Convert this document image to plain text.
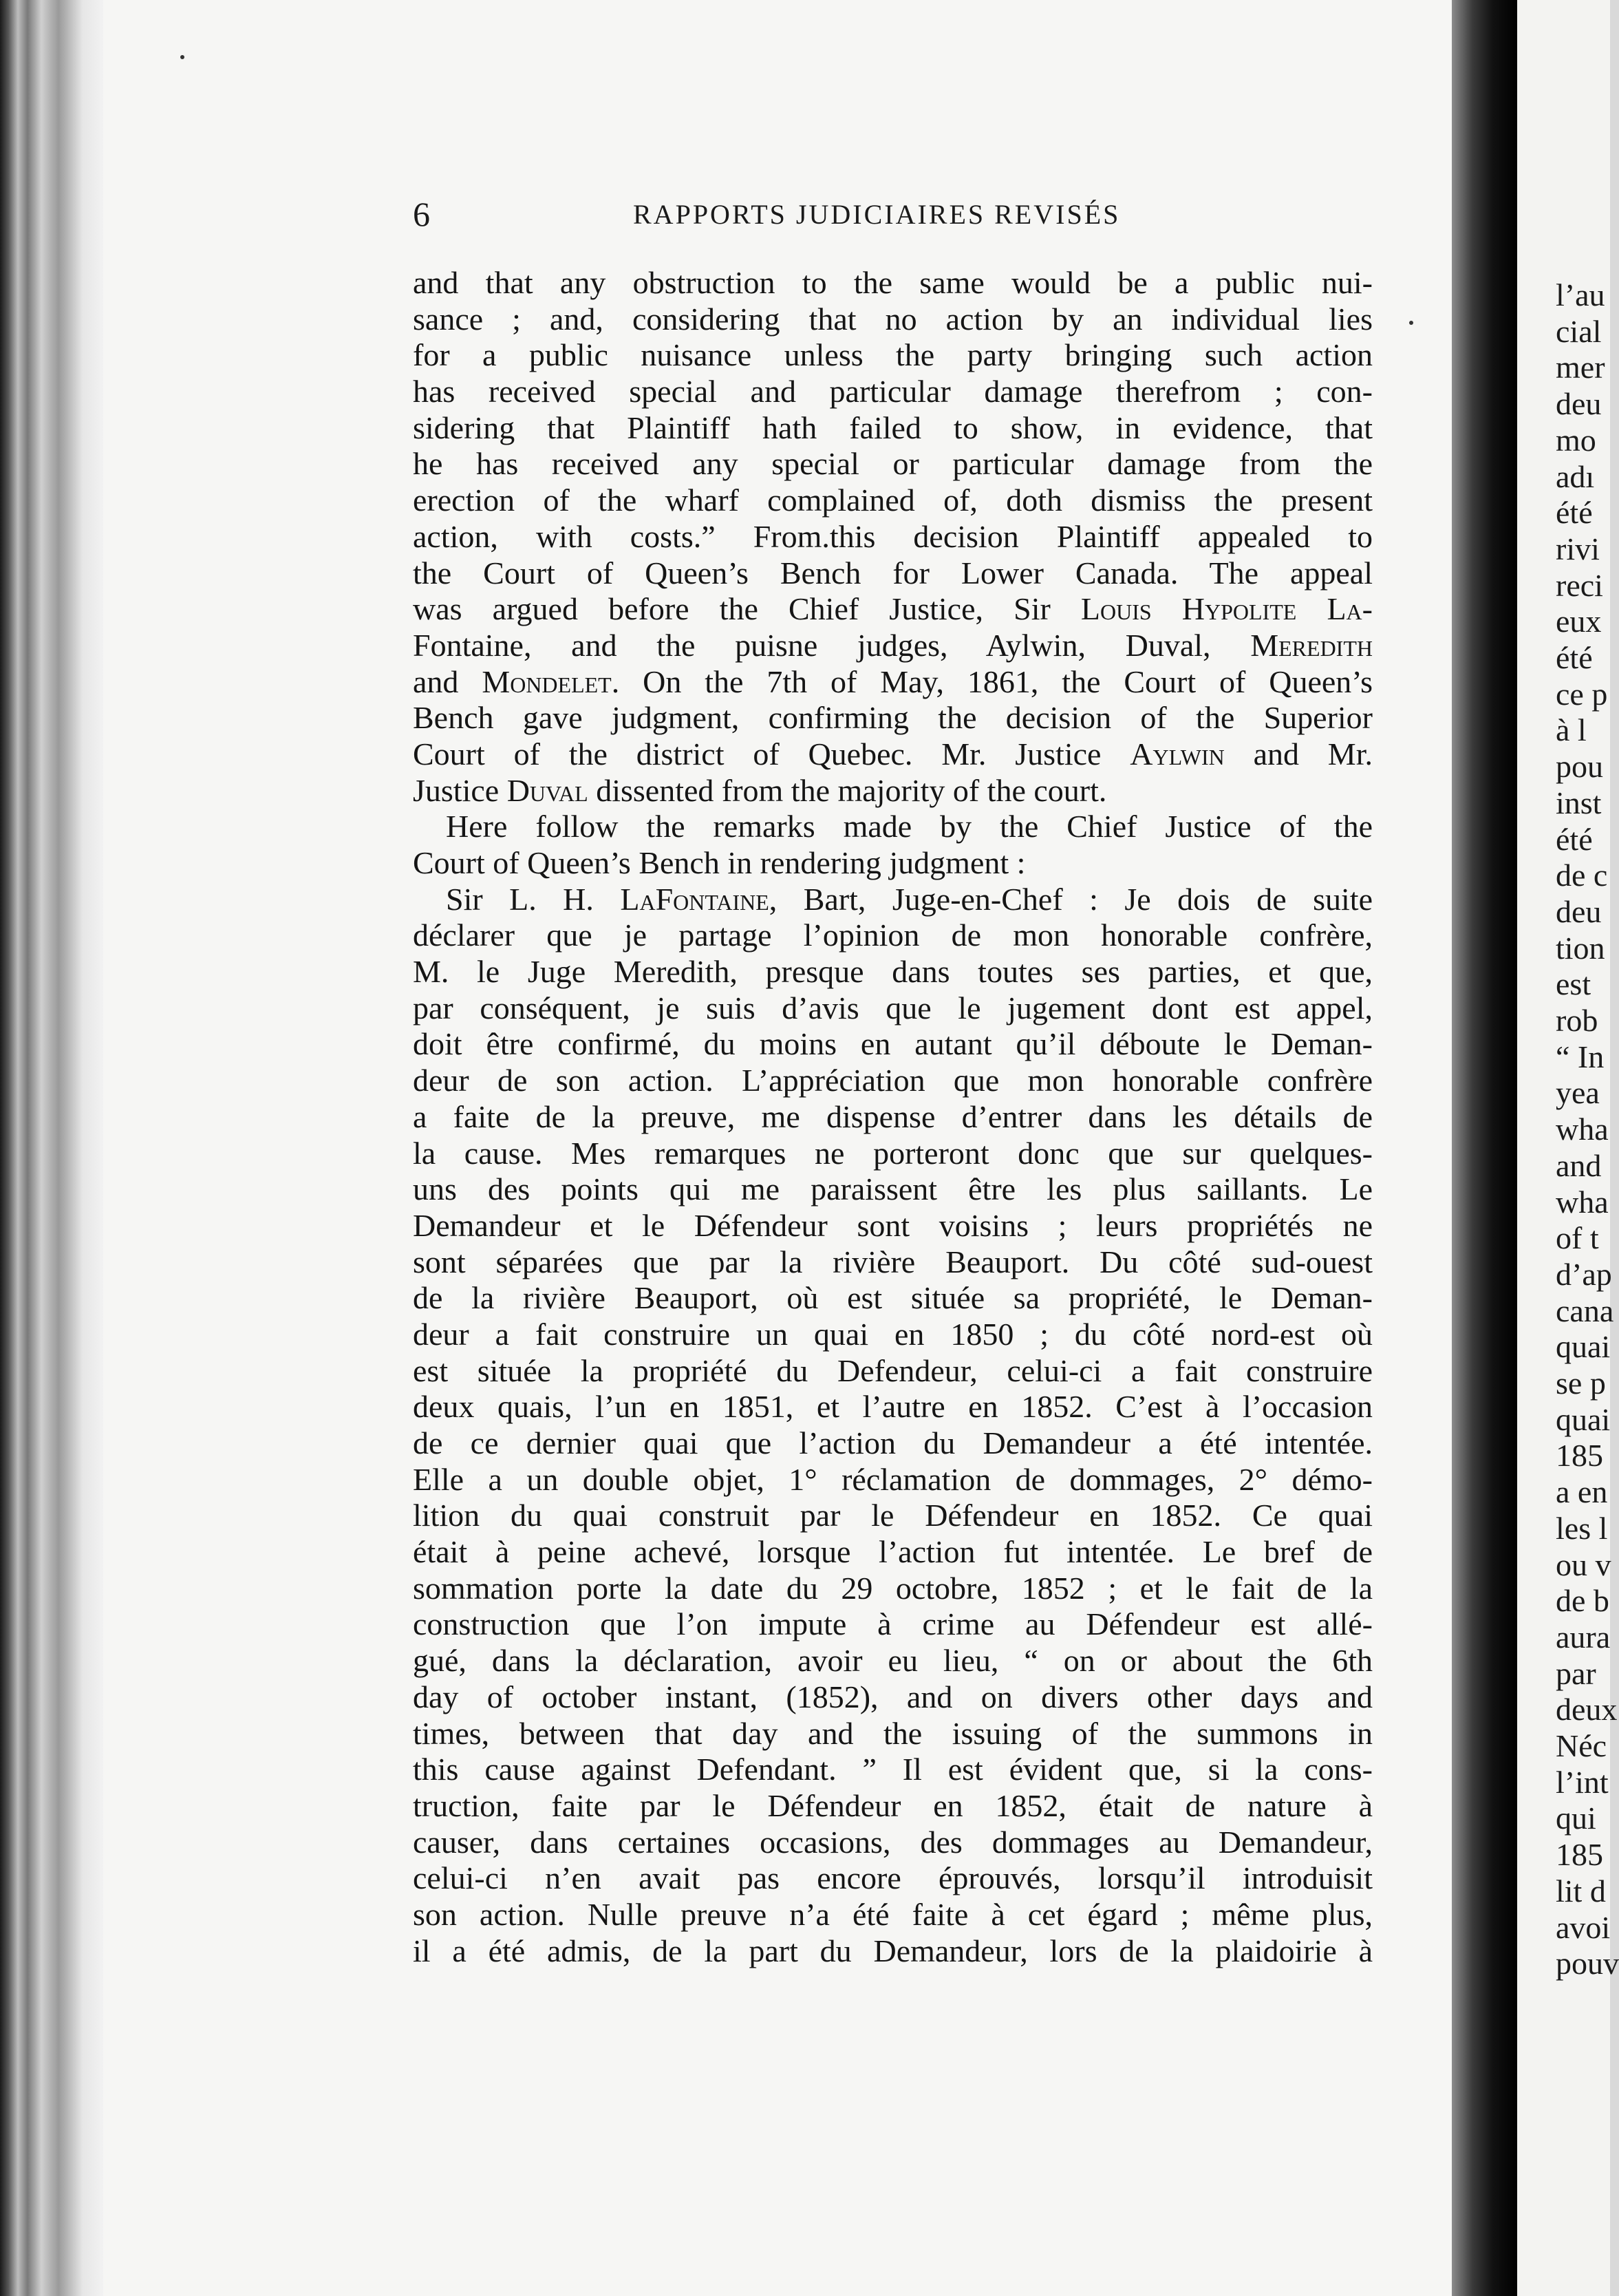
6	RAPPORTS JUDICIAIRES REVISÉS
and that any obstruction to the same would be a public nui-
sance ; and, considering that no action by an individual lies
for a public nuisance unless the party bringing such action
has received special and particular damage therefrom ; con-
sidering that Plaintiff hath failed to show, in evidence, that
he has received any special or particular damage from the
erection of the wharf complained of, doth dismiss the present
action, with costs.” From.this decision Plaintiff appealed to
the Court of Queen’s Bench for Lower Canada. The appeal
was argued before the Chief Justice, Sir Louis Hypolite La-
Fontaine, and the puisne judges, Aylwin, Duval, Meredith
and Mondelet. On the 7th of May, 1861, the Court of Queen’s
Bench gave judgment, confirming the decision of the Superior
Court of the district of Quebec. Mr. Justice Aylwin and Mr.
Justice Duval dissented from the majority of the court.
Here follow the remarks made by the Chief Justice of the
Court of Queen’s Bench in rendering judgment :
Sir L. H. LaFontaine, Bart, Juge-en-Chef : Je dois de suite
déclarer que je partage l’opinion de mon honorable confrère,
M. le Juge Meredith, presque dans toutes ses parties, et que,
par conséquent, je suis d’avis que le jugement dont est appel,
doit être confirmé, du moins en autant qu’il déboute le Deman-
deur de son action. L’appréciation que mon honorable confrère
a faite de la preuve, me dispense d’entrer dans les détails de
la cause. Mes remarques ne porteront donc que sur quelques-
uns des points qui me paraissent être les plus saillants. Le
Demandeur et le Défendeur sont voisins ; leurs propriétés ne
sont séparées que par la rivière Beauport. Du côté sud-ouest
de la rivière Beauport, où est située sa propriété, le Deman-
deur a fait construire un quai en 1850 ; du côté nord-est où
est située la propriété du Defendeur, celui-ci a fait construire
deux quais, l’un en 1851, et l’autre en 1852. C’est à l’occasion
de ce dernier quai que l’action du Demandeur a été intentée.
Elle a un double objet, 1° réclamation de dommages, 2° démo-
lition du quai construit par le Défendeur en 1852. Ce quai
était à peine achevé, lorsque l’action fut intentée. Le bref de
sommation porte la date du 29 octobre, 1852 ; et le fait de la
construction que l’on impute à crime au Défendeur est allé-
gué, dans la déclaration, avoir eu lieu, “ on or about the 6th
day of october instant, (1852), and on divers other days and
times, between that day and the issuing of the summons in
this cause against Defendant. ” Il est évident que, si la cons-
truction, faite par le Défendeur en 1852, était de nature à
causer, dans certaines occasions, des dommages au Demandeur,
celui-ci n’en avait pas encore éprouvés, lorsqu’il introduisit
son action. Nulle preuve n’a été faite à cet égard ; même plus,
il a été admis, de la part du Demandeur, lors de la plaidoirie à
l’au
cial
mer
deu
mo
adı
été
rivi
reci
eux
été
ce p
à l
pou
inst
été
de c
deu
tion
est
rob
“ In
yea
wha
and
wha
of t
d’ap
cana
quai
se p
quai
185
a en
les l
ou v
de b
aura
par
deux
Néc
l’int
qui
185
lit d
avoi
pouv
